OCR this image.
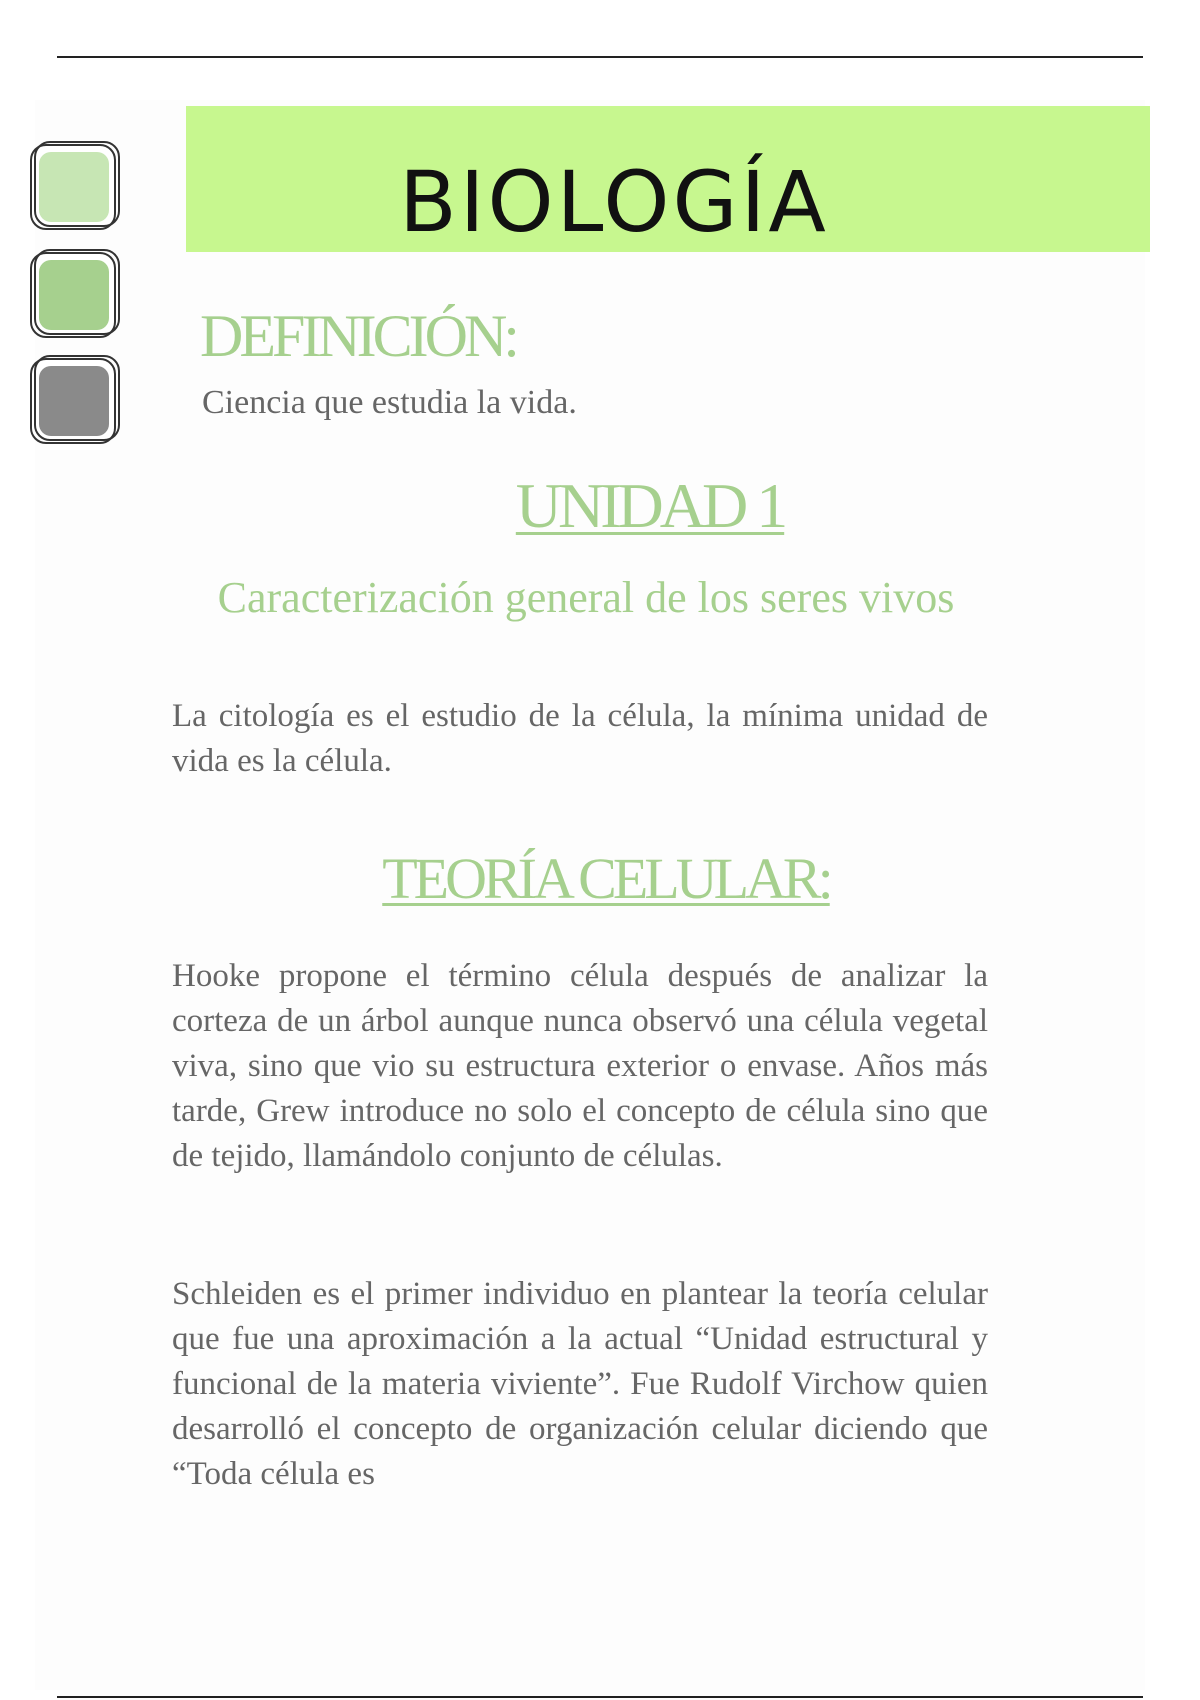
BIOLOGÍA
DEFINICIÓN:

Ciencia que estudia la vida.

UNIDAD 1
Caracterización general de los seres vivos

La citología es el estudio de la célula, la mínima unidad de vida es la célula.

TEORÍA CELULAR:

Hooke propone el término célula después de analizar la corteza de un árbol aunque nunca observó una célula vegetal viva, sino que vio su estructura exterior o envase. Años más tarde, Grew introduce no solo el concepto de célula sino que de tejido, llamándolo conjunto de células.

Schleiden es el primer individuo en plantear la teoría celular que fue una aproximación a la actual “Unidad estructural y funcional de la materia viviente”. Fue Rudolf Virchow quien desarrolló el concepto de organización celular diciendo que “Toda célula es
